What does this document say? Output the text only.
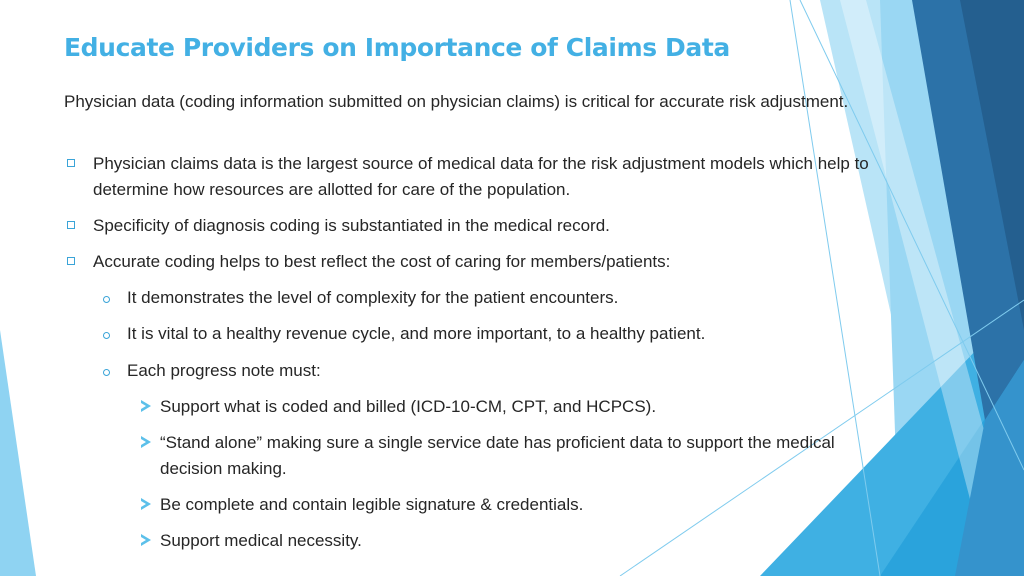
Educate Providers on Importance of Claims Data
Physician data (coding information submitted on physician claims) is critical for accurate risk adjustment.
Physician claims data is the largest source of medical data for the risk adjustment models which help to determine how resources are allotted for care of the population.
Specificity of diagnosis coding is substantiated in the medical record.
Accurate coding helps to best reflect the cost of caring for members/patients:
It demonstrates the level of complexity for the patient encounters.
It is vital to a healthy revenue cycle, and more important, to a healthy patient.
Each progress note must:
Support what is coded and billed (ICD-10-CM, CPT, and HCPCS).
“Stand alone” making sure a single service date has proficient data to support the medical decision making.
Be complete and contain legible signature & credentials.
Support medical necessity.
